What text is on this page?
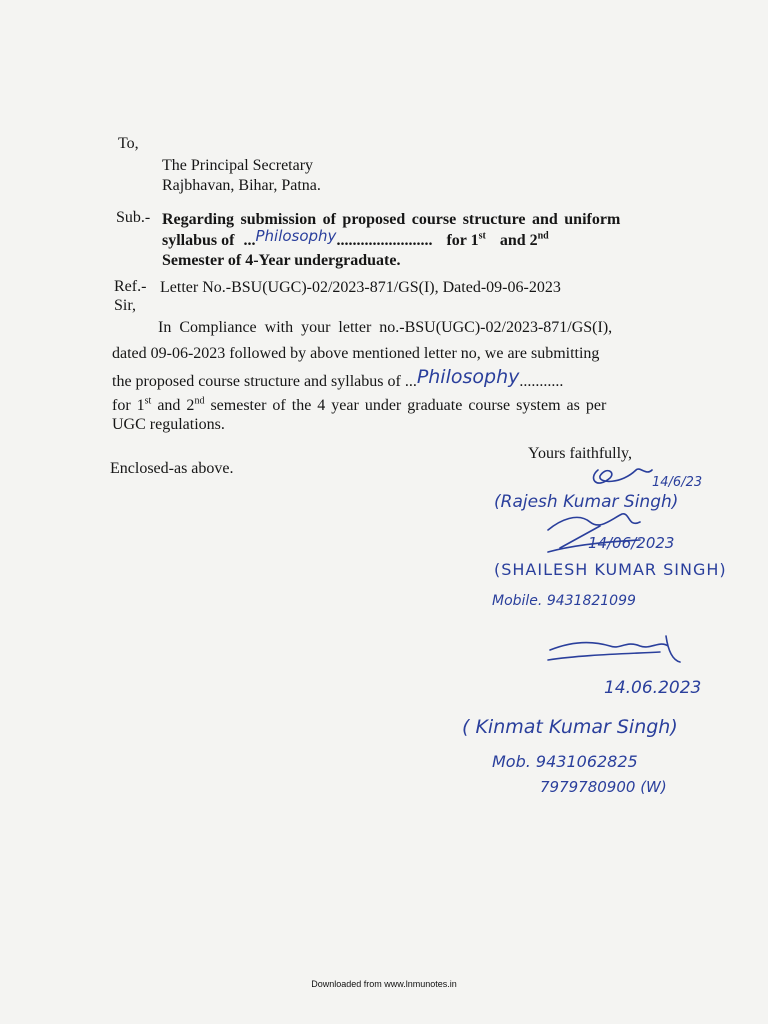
To,
The Principal Secretary
Rajbhavan, Bihar, Patna.
Sub.- Regarding submission of proposed course structure and uniform
syllabus of ...Philosophy........................ for 1st and 2nd
Semester of 4-Year undergraduate.
Ref.- Letter No.-BSU(UGC)-02/2023-871/GS(I), Dated-09-06-2023
Sir,
In Compliance with your letter no.-BSU(UGC)-02/2023-871/GS(I),
dated 09-06-2023 followed by above mentioned letter no, we are submitting
the proposed course structure and syllabus of ...Philosophy...........
for 1st and 2nd semester of the 4 year under graduate course system as per
UGC regulations.
Yours faithfully,
Enclosed-as above.
14/6/23
(Rajesh Kumar Singh)
14/06/2023
(SHAILESH KUMAR SINGH)
Mobile. 9431821099
14.06.2023
( Kinmat Kumar Singh)
Mob. 9431062825
7979780900 (W)
Downloaded from www.lnmunotes.in
